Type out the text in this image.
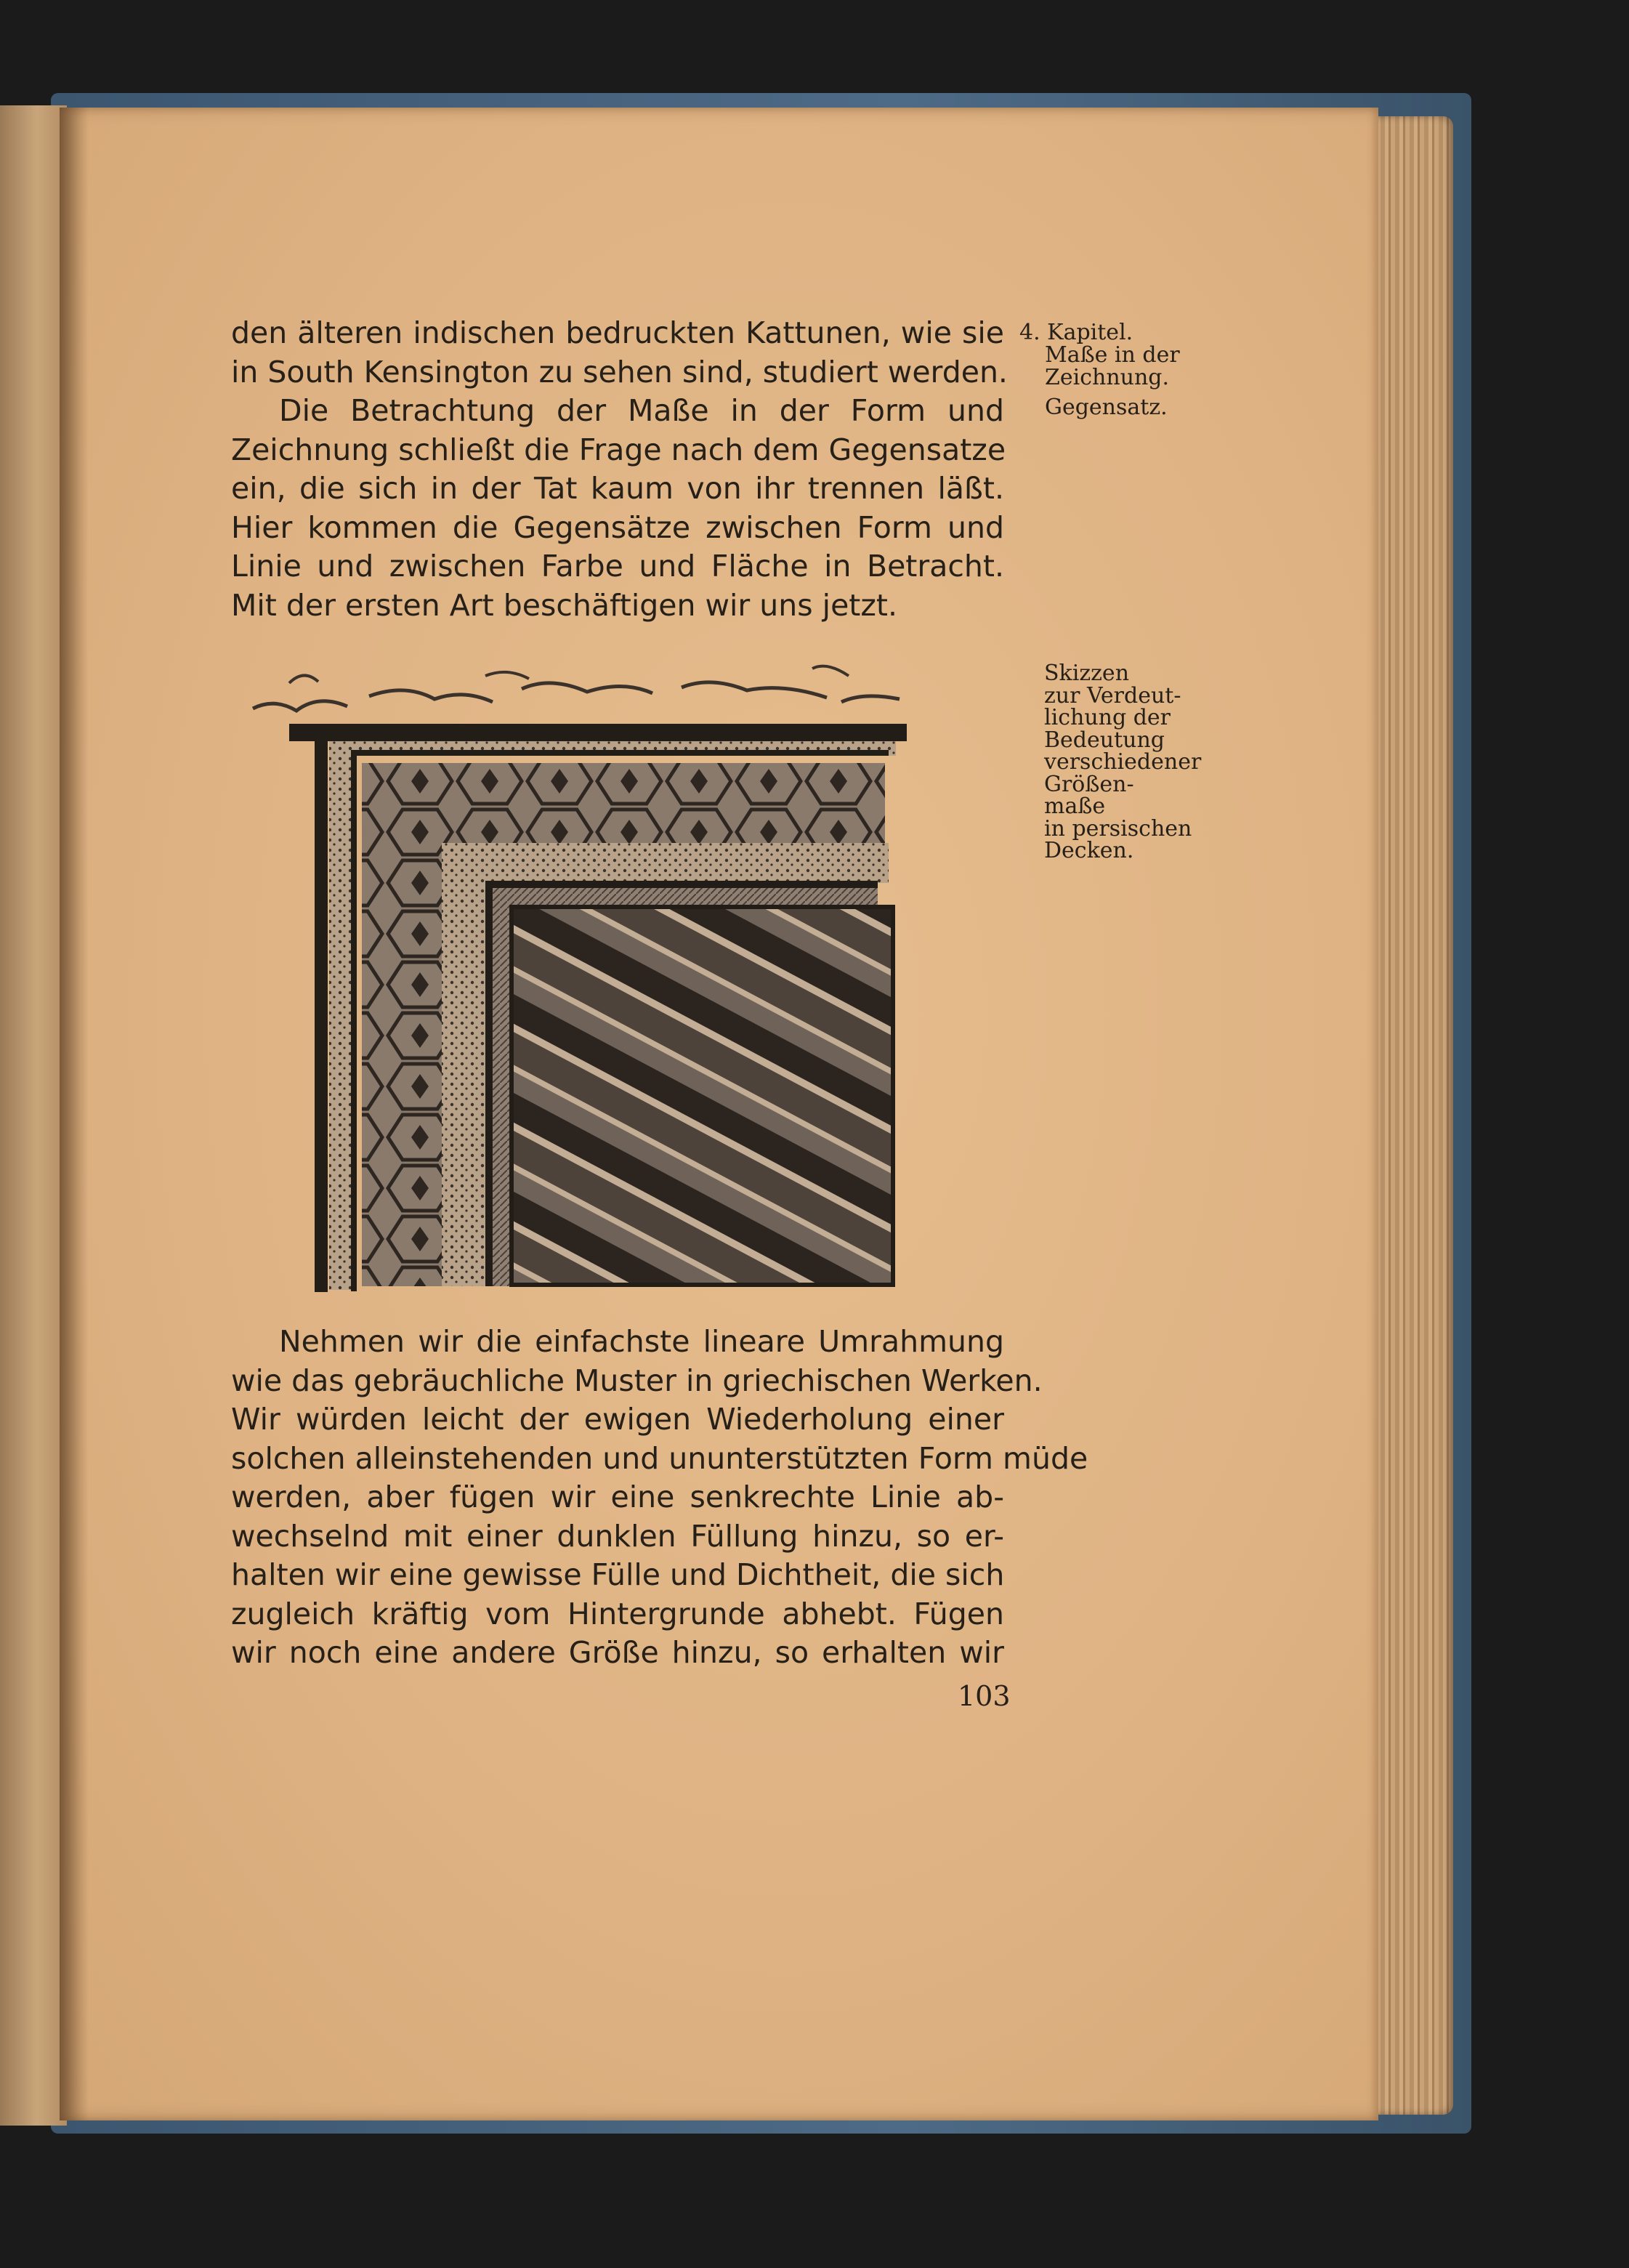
den älteren indischen bedruckten Kattunen, wie sie
in South Kensington zu sehen sind, studiert werden.
Die Betrachtung der Maße in der Form und
Zeichnung schließt die Frage nach dem Gegensatze
ein, die sich in der Tat kaum von ihr trennen läßt.
Hier kommen die Gegensätze zwischen Form und
Linie und zwischen Farbe und Fläche in Betracht.
Mit der ersten Art beschäftigen wir uns jetzt.
4. Kapitel.
Maße in der
Zeichnung.
Gegensatz.
Skizzen
zur Verdeut-
lichung der
Bedeutung
verschiedener
Größen-
maße
in persischen
Decken.
Nehmen wir die einfachste lineare Umrahmung
wie das gebräuchliche Muster in griechischen Werken.
Wir würden leicht der ewigen Wiederholung einer
solchen alleinstehenden und ununterstützten Form müde
werden, aber fügen wir eine senkrechte Linie ab-
wechselnd mit einer dunklen Füllung hinzu, so er-
halten wir eine gewisse Fülle und Dichtheit, die sich
zugleich kräftig vom Hintergrunde abhebt. Fügen
wir noch eine andere Größe hinzu, so erhalten wir
103
